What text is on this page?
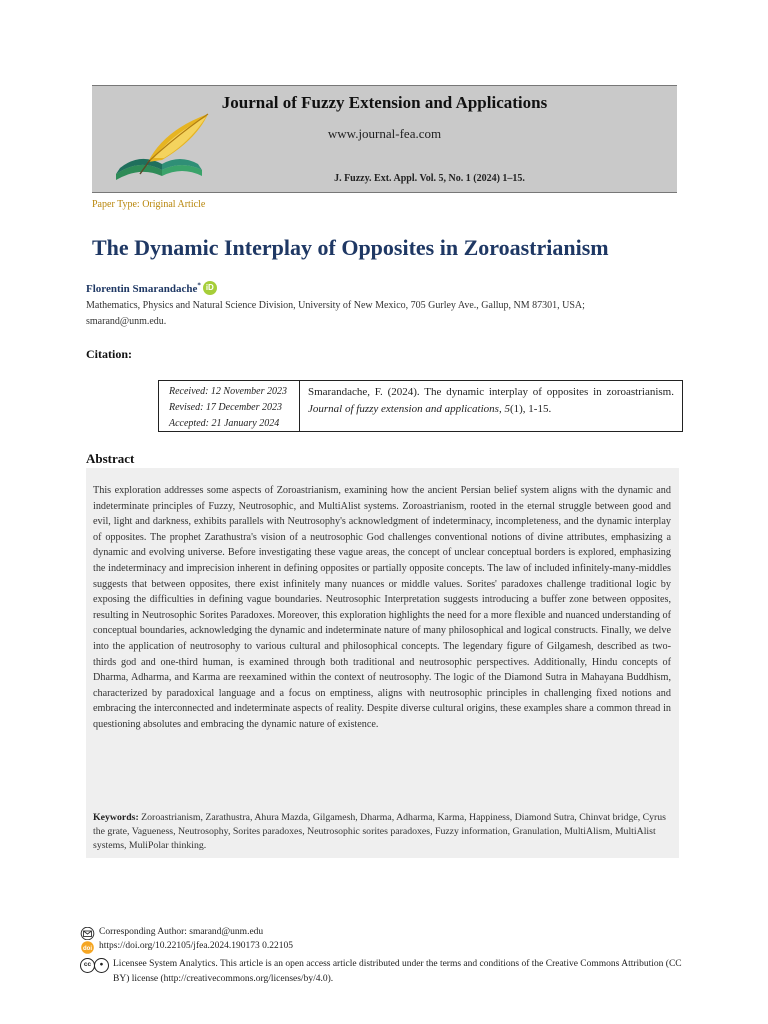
Journal of Fuzzy Extension and Applications
www.journal-fea.com
J. Fuzzy. Ext. Appl. Vol. 5, No. 1 (2024) 1–15.
Paper Type: Original Article
The Dynamic Interplay of Opposites in Zoroastrianism
Florentin Smarandache* iD
Mathematics, Physics and Natural Science Division, University of New Mexico, 705 Gurley Ave., Gallup, NM 87301, USA;
smarand@unm.edu.
Citation:
Received: 12 November 2023
Revised: 17 December 2023
Accepted: 21 January 2024
Smarandache, F. (2024). The dynamic interplay of opposites in zoroastrianism. Journal of fuzzy extension and applications, 5(1), 1-15.
Abstract
This exploration addresses some aspects of Zoroastrianism, examining how the ancient Persian belief system aligns with the dynamic and indeterminate principles of Fuzzy, Neutrosophic, and MultiAlist systems. Zoroastrianism, rooted in the eternal struggle between good and evil, light and darkness, exhibits parallels with Neutrosophy's acknowledgment of indeterminacy, incompleteness, and the dynamic interplay of opposites. The prophet Zarathustra's vision of a neutrosophic God challenges conventional notions of divine attributes, emphasizing a dynamic and evolving universe. Before investigating these vague areas, the concept of unclear conceptual borders is explored, emphasizing the indeterminacy and imprecision inherent in defining opposites or partially opposite concepts. The law of included infinitely-many-middles suggests that between opposites, there exist infinitely many nuances or middle values. Sorites' paradoxes challenge traditional logic by exposing the difficulties in defining vague boundaries. Neutrosophic Interpretation suggests introducing a buffer zone between opposites, resulting in Neutrosophic Sorites Paradoxes. Moreover, this exploration highlights the need for a more flexible and nuanced understanding of conceptual boundaries, acknowledging the dynamic and indeterminate nature of many philosophical and logical constructs. Finally, we delve into the application of neutrosophy to various cultural and philosophical concepts. The legendary figure of Gilgamesh, described as two-thirds god and one-third human, is examined through both traditional and neutrosophic perspectives. Additionally, Hindu concepts of Dharma, Adharma, and Karma are reexamined within the context of neutrosophy. The logic of the Diamond Sutra in Mahayana Buddhism, characterized by paradoxical language and a focus on emptiness, aligns with neutrosophic principles in challenging fixed notions and embracing the interconnected and indeterminate aspects of reality. Despite diverse cultural origins, these examples share a common thread in questioning absolutes and embracing the dynamic nature of existence.
Keywords: Zoroastrianism, Zarathustra, Ahura Mazda, Gilgamesh, Dharma, Adharma, Karma, Happiness, Diamond Sutra, Chinvat bridge, Cyrus the grate, Vagueness, Neutrosophy, Sorites paradoxes, Neutrosophic sorites paradoxes, Fuzzy information, Granulation, MultiAlism, MultiAlist systems, MuliPolar thinking.
Corresponding Author: smarand@unm.edu
doi https://doi.org/10.22105/jfea.2024.190173 0.22105
cc	●	Licensee System Analytics. This article is an open access article distributed under the terms and conditions of the Creative Commons Attribution (CC BY) license (http://creativecommons.org/licenses/by/4.0).
